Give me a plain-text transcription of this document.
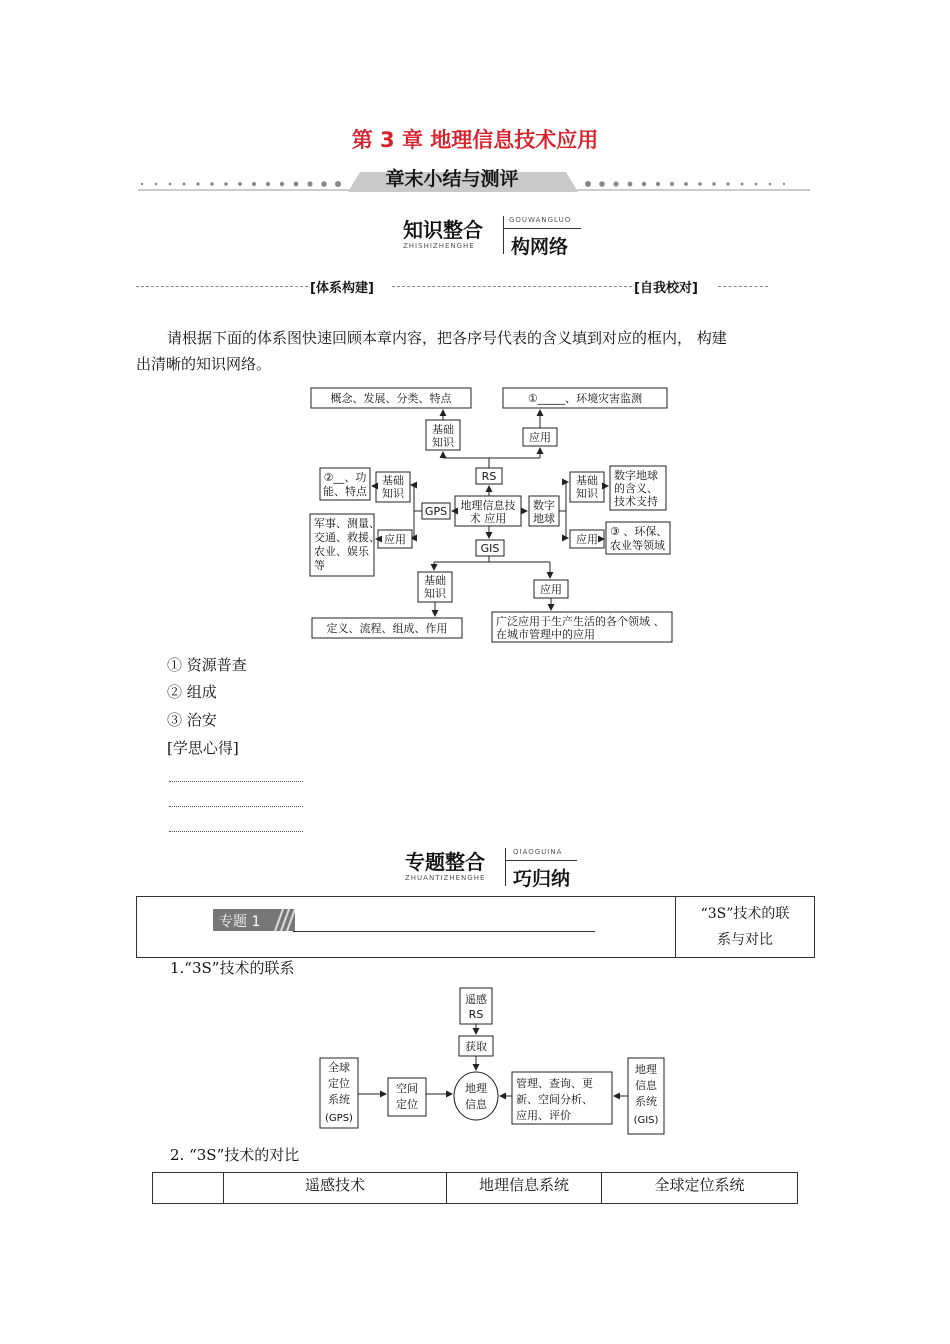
第 3 章 地理信息技术应用
章末小结与测评
知识整合	GOUWANGLUO
ZHISHIZHENGHE 构网络
[体系构建]	[自我校对]
请根据下面的体系图快速回顾本章内容，把各序号代表的含义填到对应的框内， 构建
出清晰的知识网络。
概念、发展、分类、特点	①_____、环境灾害监测
基础
知识	应用
RS
地理信息技
术 应用
GPS
基础
知识
②__、功
能、特点
应用
军事、测量、
交通、救援、
农业、娱乐
等
数字
地球
基础
知识
数字地球
的含义、
技术支持
应用
③ 、环保、
农业等领域
GIS
基础
知识	应用
定义、流程、组成、作用
广泛应用于生产生活的各个领域 、
在城市管理中的应用
① 资源普查
② 组成
③ 治安
[学思心得]
专题整合	QIAOGUINA
ZHUANTIZHENGHE 巧归纳
专题 1	“3S”技术的联
系与对比
1.“3S”技术的联系
遥感
RS
获取
全球
定位
系统
(GPS)
空间
定位
地理
信息
管理、查询、更
新、空间分析、
应用、评价
地理
信息
系统
(GIS)
2. “3S”技术的对比
	遥感技术	地理信息系统	全球定位系统
